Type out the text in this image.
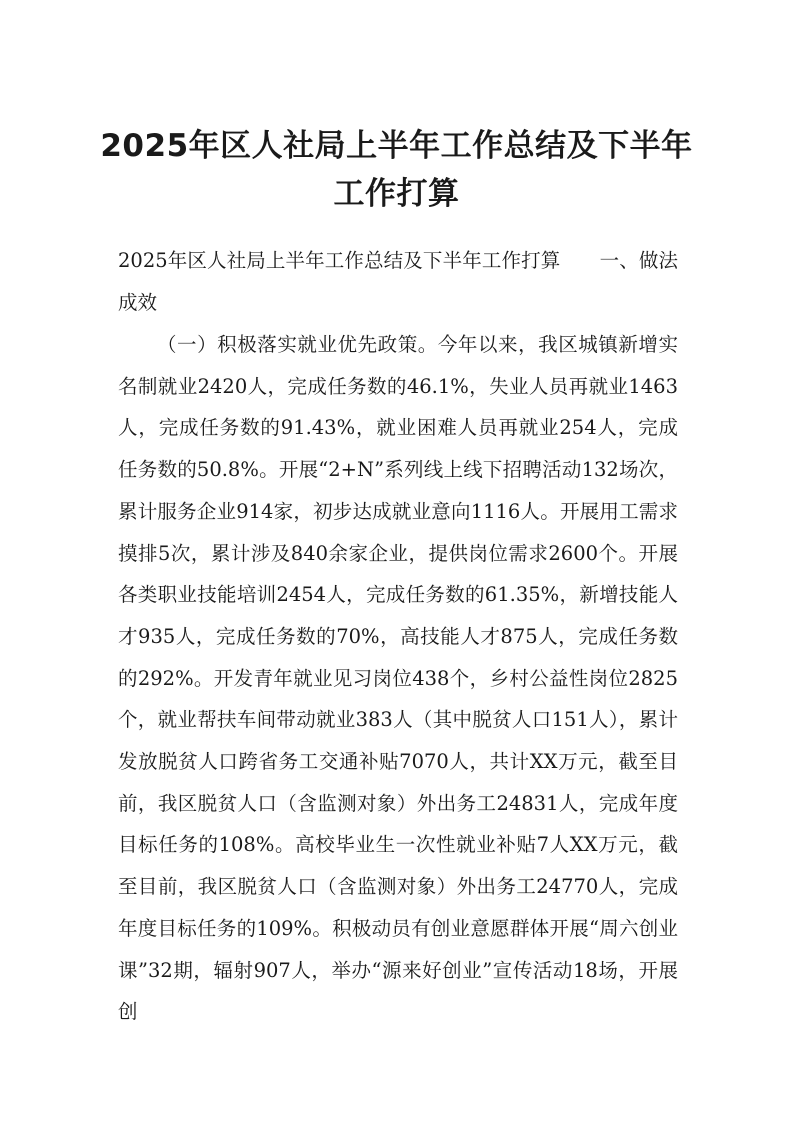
2025年区人社局上半年工作总结及下半年
工作打算

2025年区人社局上半年工作总结及下半年工作打算　　一、做法成效

（一）积极落实就业优先政策。今年以来，我区城镇新增实名制就业2420人，完成任务数的46.1%，失业人员再就业1463人，完成任务数的91.43%，就业困难人员再就业254人，完成任务数的50.8%。开展“2+N”系列线上线下招聘活动132场次，累计服务企业914家，初步达成就业意向1116人。开展用工需求摸排5次，累计涉及840余家企业，提供岗位需求2600个。开展各类职业技能培训2454人，完成任务数的61.35%，新增技能人才935人，完成任务数的70%，高技能人才875人，完成任务数的292%。开发青年就业见习岗位438个，乡村公益性岗位2825个，就业帮扶车间带动就业383人（其中脱贫人口151人），累计发放脱贫人口跨省务工交通补贴7070人，共计XX万元，截至目前，我区脱贫人口（含监测对象）外出务工24831人，完成年度目标任务的108%。高校毕业生一次性就业补贴7人XX万元，截至目前，我区脱贫人口（含监测对象）外出务工24770人，完成年度目标任务的109%。积极动员有创业意愿群体开展“周六创业课”32期，辐射907人，举办“源来好创业”宣传活动18场，开展创
